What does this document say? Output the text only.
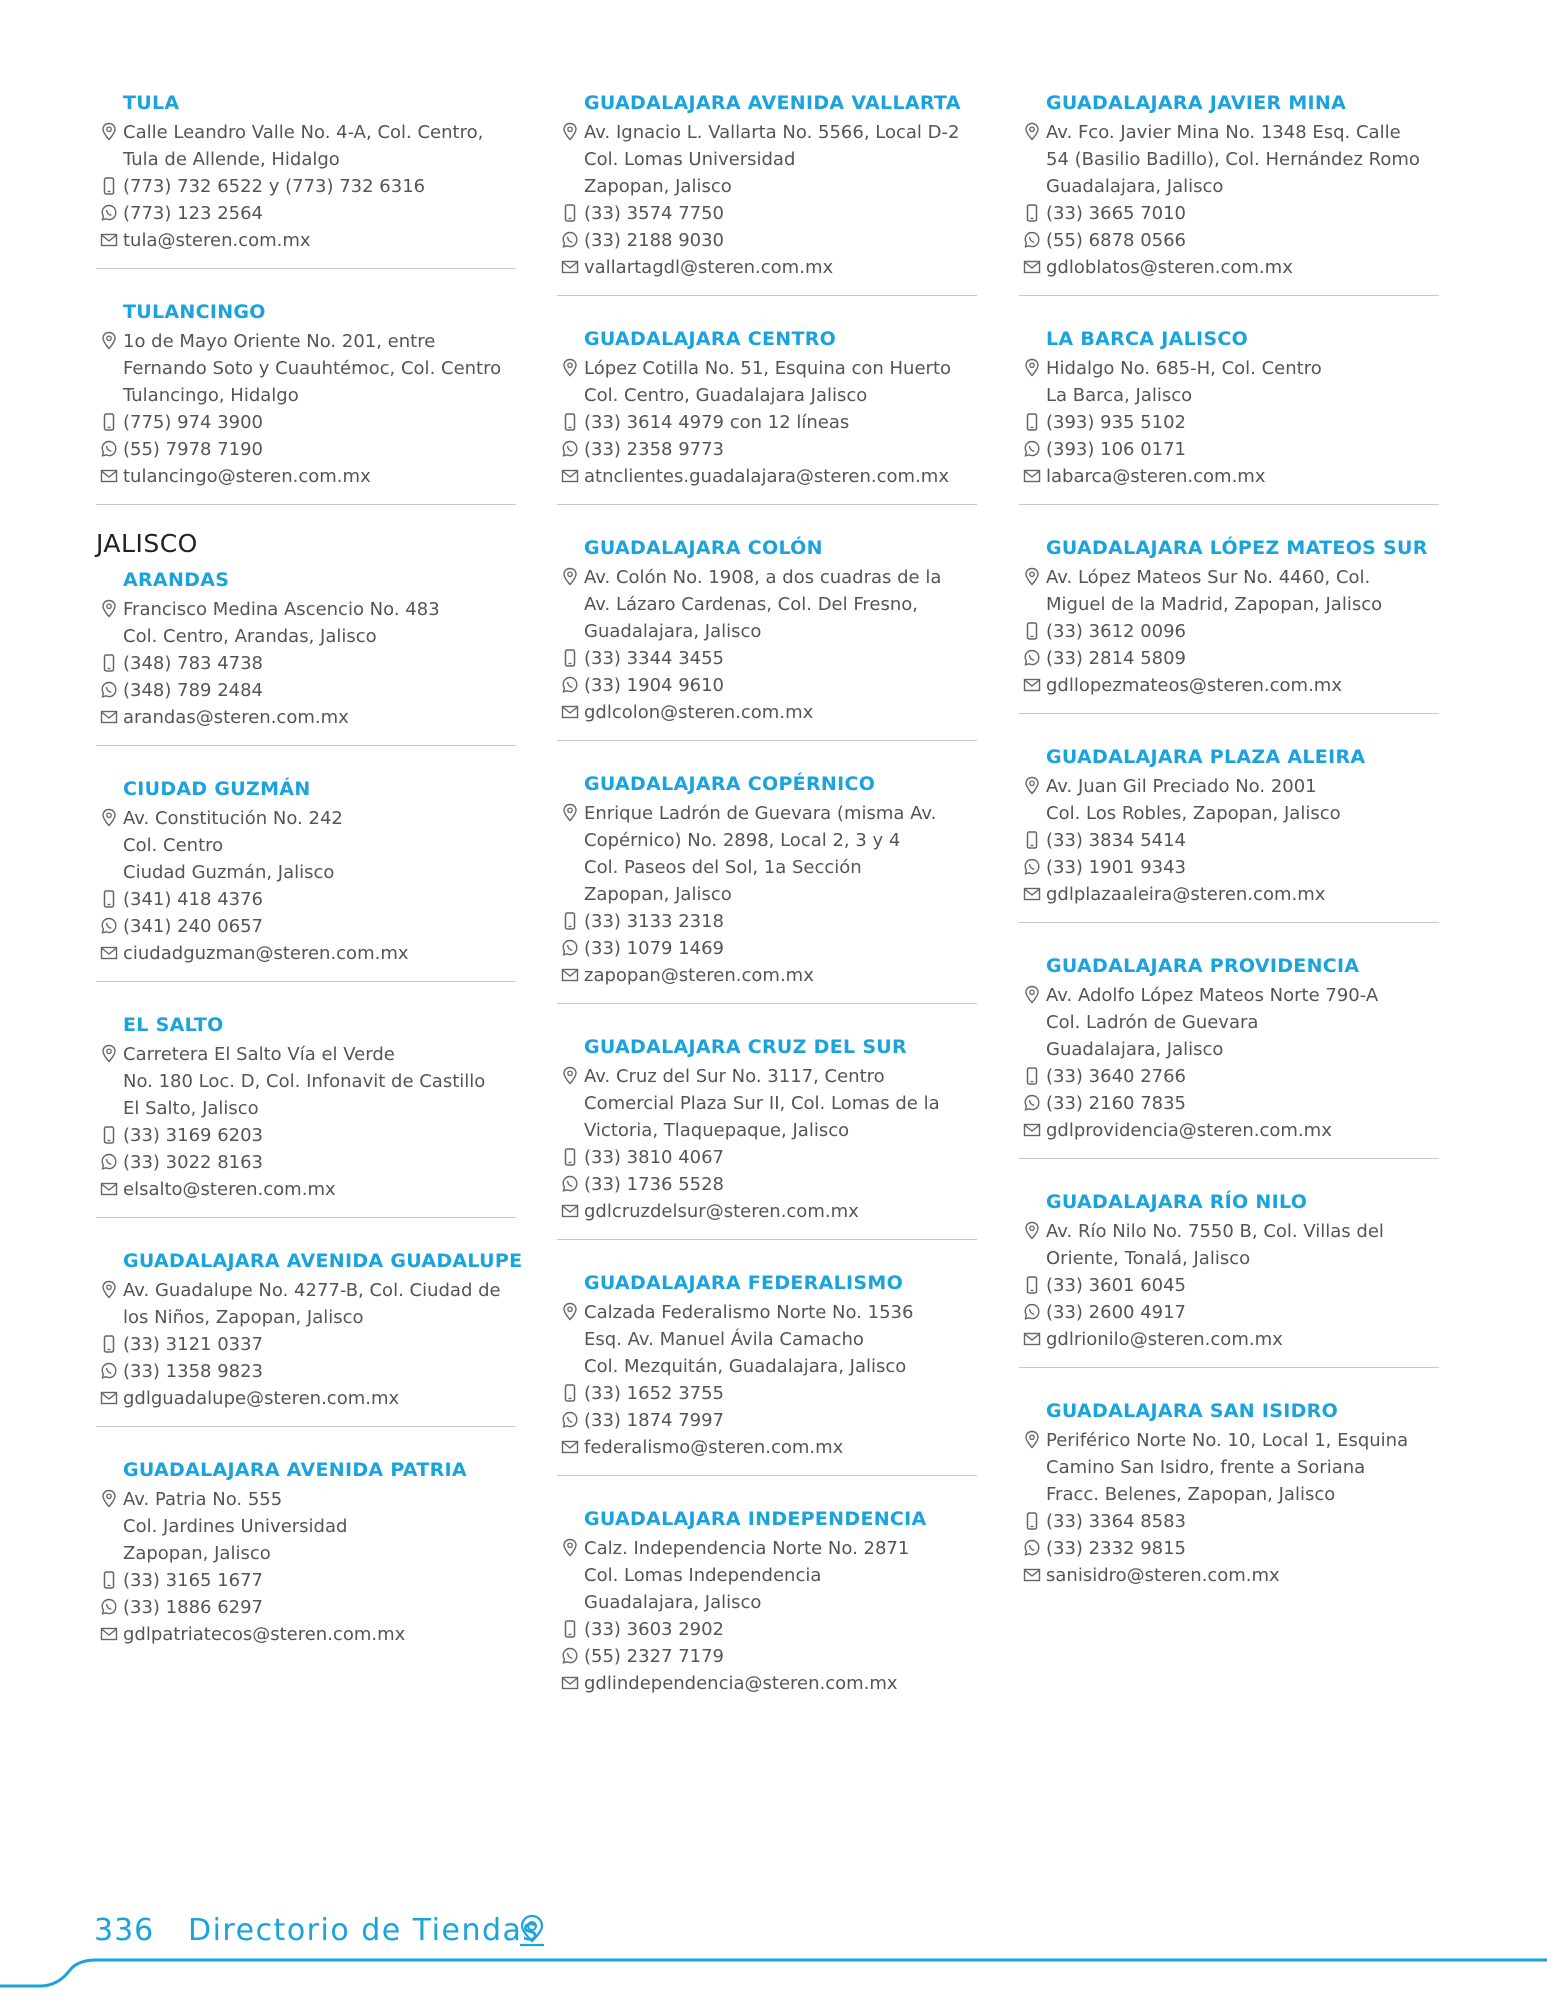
TULA
Calle Leandro Valle No. 4-A, Col. Centro,
Tula de Allende, Hidalgo
(773) 732 6522 y (773) 732 6316
(773) 123 2564
tula@steren.com.mx
TULANCINGO
1o de Mayo Oriente No. 201, entre
Fernando Soto y Cuauhtémoc, Col. Centro
Tulancingo, Hidalgo
(775) 974 3900
(55) 7978 7190
tulancingo@steren.com.mx
JALISCO
ARANDAS
Francisco Medina Ascencio No. 483
Col. Centro, Arandas, Jalisco
(348) 783 4738
(348) 789 2484
arandas@steren.com.mx
CIUDAD GUZMÁN
Av. Constitución No. 242
Col. Centro
Ciudad Guzmán, Jalisco
(341) 418 4376
(341) 240 0657
ciudadguzman@steren.com.mx
EL SALTO
Carretera El Salto Vía el Verde
No. 180 Loc. D, Col. Infonavit de Castillo
El Salto, Jalisco
(33) 3169 6203
(33) 3022 8163
elsalto@steren.com.mx
GUADALAJARA AVENIDA GUADALUPE
Av. Guadalupe No. 4277-B, Col. Ciudad de
los Niños, Zapopan, Jalisco
(33) 3121 0337
(33) 1358 9823
gdlguadalupe@steren.com.mx
GUADALAJARA AVENIDA PATRIA
Av. Patria No. 555
Col. Jardines Universidad
Zapopan, Jalisco
(33) 3165 1677
(33) 1886 6297
gdlpatriatecos@steren.com.mx
GUADALAJARA AVENIDA VALLARTA
Av. Ignacio L. Vallarta No. 5566, Local D-2
Col. Lomas Universidad
Zapopan, Jalisco
(33) 3574 7750
(33) 2188 9030
vallartagdl@steren.com.mx
GUADALAJARA CENTRO
López Cotilla No. 51, Esquina con Huerto
Col. Centro, Guadalajara Jalisco
(33) 3614 4979 con 12 líneas
(33) 2358 9773
atnclientes.guadalajara@steren.com.mx
GUADALAJARA COLÓN
Av. Colón No. 1908, a dos cuadras de la
Av. Lázaro Cardenas, Col. Del Fresno,
Guadalajara, Jalisco
(33) 3344 3455
(33) 1904 9610
gdlcolon@steren.com.mx
GUADALAJARA COPÉRNICO
Enrique Ladrón de Guevara (misma Av.
Copérnico) No. 2898, Local 2, 3 y 4
Col. Paseos del Sol, 1a Sección
Zapopan, Jalisco
(33) 3133 2318
(33) 1079 1469
zapopan@steren.com.mx
GUADALAJARA CRUZ DEL SUR
Av. Cruz del Sur No. 3117, Centro
Comercial Plaza Sur II, Col. Lomas de la
Victoria, Tlaquepaque, Jalisco
(33) 3810 4067
(33) 1736 5528
gdlcruzdelsur@steren.com.mx
GUADALAJARA FEDERALISMO
Calzada Federalismo Norte No. 1536
Esq. Av. Manuel Ávila Camacho
Col. Mezquitán, Guadalajara, Jalisco
(33) 1652 3755
(33) 1874 7997
federalismo@steren.com.mx
GUADALAJARA INDEPENDENCIA
Calz. Independencia Norte No. 2871
Col. Lomas Independencia
Guadalajara, Jalisco
(33) 3603 2902
(55) 2327 7179
gdlindependencia@steren.com.mx
GUADALAJARA JAVIER MINA
Av. Fco. Javier Mina No. 1348 Esq. Calle
54 (Basilio Badillo), Col. Hernández Romo
Guadalajara, Jalisco
(33) 3665 7010
(55) 6878 0566
gdloblatos@steren.com.mx
LA BARCA JALISCO
Hidalgo No. 685-H, Col. Centro
La Barca, Jalisco
(393) 935 5102
(393) 106 0171
labarca@steren.com.mx
GUADALAJARA LÓPEZ MATEOS SUR
Av. López Mateos Sur No. 4460, Col.
Miguel de la Madrid, Zapopan, Jalisco
(33) 3612 0096
(33) 2814 5809
gdllopezmateos@steren.com.mx
GUADALAJARA PLAZA ALEIRA
Av. Juan Gil Preciado No. 2001
Col. Los Robles, Zapopan, Jalisco
(33) 3834 5414
(33) 1901 9343
gdlplazaaleira@steren.com.mx
GUADALAJARA PROVIDENCIA
Av. Adolfo López Mateos Norte 790-A
Col. Ladrón de Guevara
Guadalajara, Jalisco
(33) 3640 2766
(33) 2160 7835
gdlprovidencia@steren.com.mx
GUADALAJARA RÍO NILO
Av. Río Nilo No. 7550 B, Col. Villas del
Oriente, Tonalá, Jalisco
(33) 3601 6045
(33) 2600 4917
gdlrionilo@steren.com.mx
GUADALAJARA SAN ISIDRO
Periférico Norte No. 10, Local 1, Esquina
Camino San Isidro, frente a Soriana
Fracc. Belenes, Zapopan, Jalisco
(33) 3364 8583
(33) 2332 9815
sanisidro@steren.com.mx
336 Directorio de Tiendas
